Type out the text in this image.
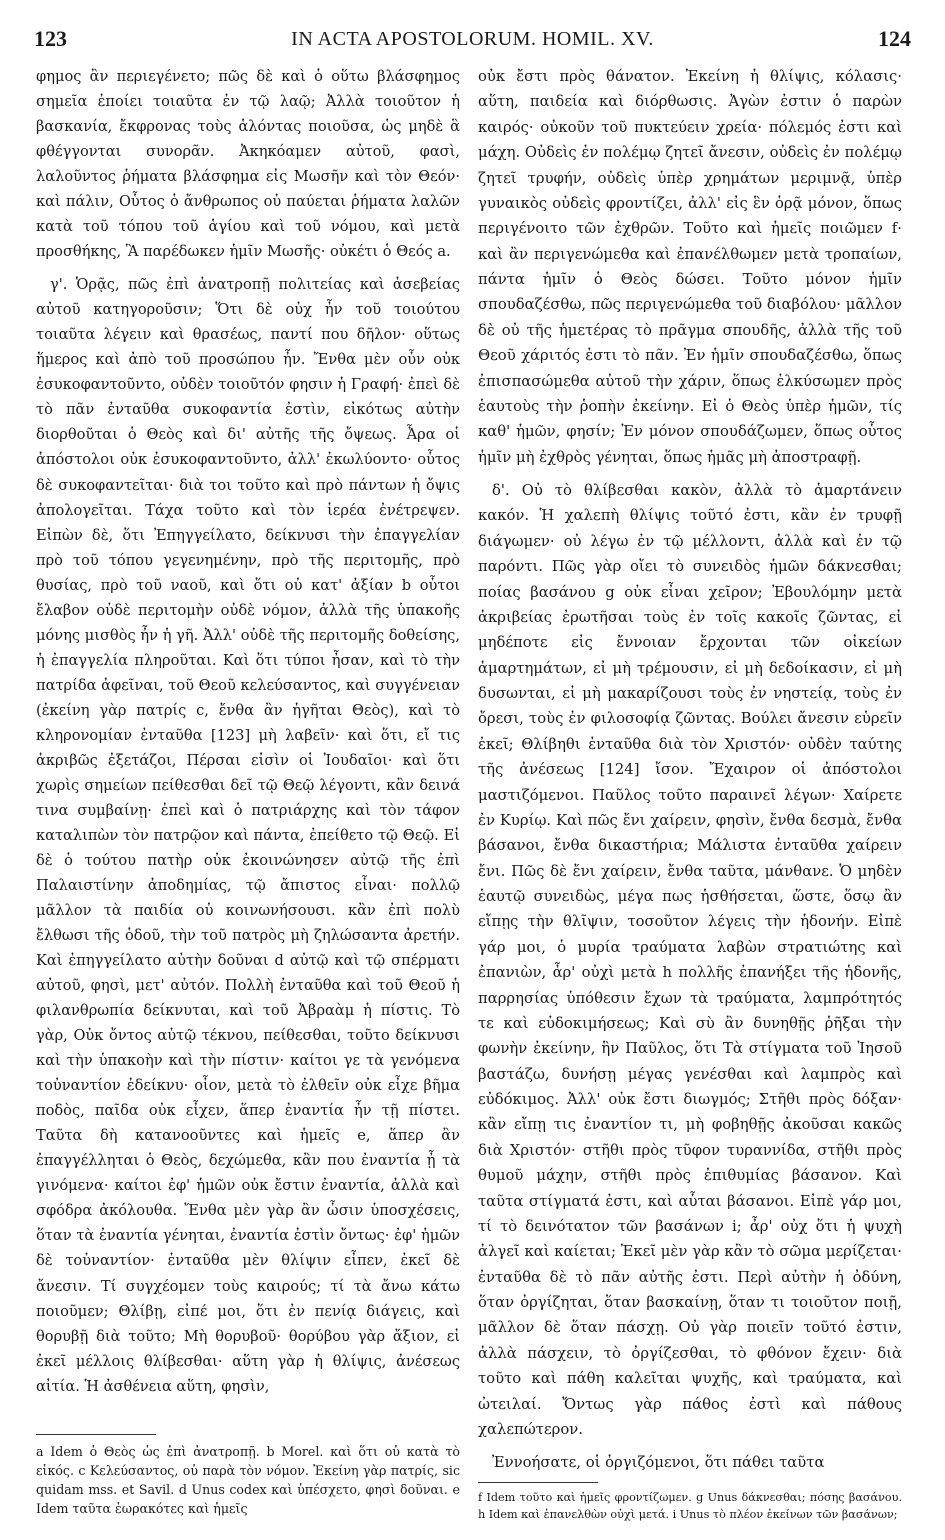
123	IN ACTA APOSTOLORUM. HOMIL. XV.	124

φημος ἂν περιεγένετο; πῶς δὲ καὶ ὁ οὕτω βλάσφημος σημεῖα ἐποίει τοιαῦτα ἐν τῷ λαῷ; Ἀλλὰ τοιοῦτον ἡ βασκανία, ἔκφρονας τοὺς ἁλόντας ποιοῦσα, ὡς μηδὲ ἃ φθέγγονται συνορᾶν. Ἀκηκόαμεν αὐτοῦ, φασὶ, λαλοῦντος ῥήματα βλάσφημα εἰς Μωσῆν καὶ τὸν Θεόν· καὶ πάλιν, Οὗτος ὁ ἄνθρωπος οὐ παύεται ῥήματα λαλῶν κατὰ τοῦ τόπου τοῦ ἁγίου καὶ τοῦ νόμου, καὶ μετὰ προσθήκης, Ἃ παρέδωκεν ἡμῖν Μωσῆς· οὐκέτι ὁ Θεός a.

γ'. Ὁρᾷς, πῶς ἐπὶ ἀνατροπῇ πολιτείας καὶ ἀσεβείας αὐτοῦ κατηγοροῦσιν; Ὅτι δὲ οὐχ ἦν τοῦ τοιούτου τοιαῦτα λέγειν καὶ θρασέως, παντί που δῆλον· οὕτως ἥμερος καὶ ἀπὸ τοῦ προσώπου ἦν. Ἔνθα μὲν οὖν οὐκ ἐσυκοφαντοῦντο, οὐδὲν τοιοῦτόν φησιν ἡ Γραφή· ἐπεὶ δὲ τὸ πᾶν ἐνταῦθα συκοφαντία ἐστὶν, εἰκότως αὐτὴν διορθοῦται ὁ Θεὸς καὶ δι' αὐτῆς τῆς ὄψεως. Ἆρα οἱ ἀπόστολοι οὐκ ἐσυκοφαντοῦντο, ἀλλ' ἐκωλύοντο· οὗτος δὲ συκοφαντεῖται· διὰ τοι τοῦτο καὶ πρὸ πάντων ἡ ὄψις ἀπολογεῖται. Τάχα τοῦτο καὶ τὸν ἱερέα ἐνέτρεψεν. Εἰπὼν δὲ, ὅτι Ἐπηγγείλατο, δείκνυσι τὴν ἐπαγγελίαν πρὸ τοῦ τόπου γεγενημένην, πρὸ τῆς περιτομῆς, πρὸ θυσίας, πρὸ τοῦ ναοῦ, καὶ ὅτι οὐ κατ' ἀξίαν b οὗτοι ἔλαβον οὐδὲ περιτομὴν οὐδὲ νόμον, ἀλλὰ τῆς ὑπακοῆς μόνης μισθὸς ἦν ἡ γῆ. Ἀλλ' οὐδὲ τῆς περιτομῆς δοθείσης, ἡ ἐπαγγελία πληροῦται. Καὶ ὅτι τύποι ἦσαν, καὶ τὸ τὴν πατρίδα ἀφεῖναι, τοῦ Θεοῦ κελεύσαντος, καὶ συγγένειαν (ἐκείνη γὰρ πατρίς c, ἔνθα ἂν ἡγῆται Θεὸς), καὶ τὸ κληρονομίαν ἐνταῦθα [123] μὴ λαβεῖν· καὶ ὅτι, εἴ τις ἀκριβῶς ἐξετάζοι, Πέρσαι εἰσὶν οἱ Ἰουδαῖοι· καὶ ὅτι χωρὶς σημείων πείθεσθαι δεῖ τῷ Θεῷ λέγοντι, κἂν δεινά τινα συμβαίνῃ· ἐπεὶ καὶ ὁ πατριάρχης καὶ τὸν τάφον καταλιπὼν τὸν πατρῷον καὶ πάντα, ἐπείθετο τῷ Θεῷ. Εἰ δὲ ὁ τούτου πατὴρ οὐκ ἐκοινώνησεν αὐτῷ τῆς ἐπὶ Παλαιστίνην ἀποδημίας, τῷ ἄπιστος εἶναι· πολλῷ μᾶλλον τὰ παιδία οὐ κοινωνήσουσι. κἂν ἐπὶ πολὺ ἔλθωσι τῆς ὁδοῦ, τὴν τοῦ πατρὸς μὴ ζηλώσαντα ἀρετήν. Καὶ ἐπηγγείλατο αὐτὴν δοῦναι d αὐτῷ καὶ τῷ σπέρματι αὐτοῦ, φησὶ, μετ' αὐτόν. Πολλὴ ἐνταῦθα καὶ τοῦ Θεοῦ ἡ φιλανθρωπία δείκνυται, καὶ τοῦ Ἀβραὰμ ἡ πίστις. Τὸ γὰρ, Οὐκ ὄντος αὐτῷ τέκνου, πείθεσθαι, τοῦτο δείκνυσι καὶ τὴν ὑπακοὴν καὶ τὴν πίστιν· καίτοι γε τὰ γενόμενα τοὐναντίον ἐδείκνυ· οἷον, μετὰ τὸ ἐλθεῖν οὐκ εἶχε βῆμα ποδὸς, παῖδα οὐκ εἶχεν, ἅπερ ἐναντία ἦν τῇ πίστει. Ταῦτα δὴ κατανοοῦντες καὶ ἡμεῖς e, ἅπερ ἂν ἐπαγγέλληται ὁ Θεὸς, δεχώμεθα, κἂν που ἐναντία ᾖ τὰ γινόμενα· καίτοι ἐφ' ἡμῶν οὐκ ἔστιν ἐναντία, ἀλλὰ καὶ σφόδρα ἀκόλουθα. Ἔνθα μὲν γὰρ ἂν ὦσιν ὑποσχέσεις, ὅταν τὰ ἐναντία γένηται, ἐναντία ἐστὶν ὄντως· ἐφ' ἡμῶν δὲ τοὐναντίον· ἐνταῦθα μὲν θλίψιν εἶπεν, ἐκεῖ δὲ ἄνεσιν. Τί συγχέομεν τοὺς καιρούς; τί τὰ ἄνω κάτω ποιοῦμεν; Θλίβῃ, εἰπέ μοι, ὅτι ἐν πενίᾳ διάγεις, καὶ θορυβῇ διὰ τοῦτο; Μὴ θορυβοῦ· θορύβου γὰρ ἄξιον, εἰ ἐκεῖ μέλλοις θλίβεσθαι· αὕτη γὰρ ἡ θλίψις, ἀνέσεως αἰτία. Ἡ ἀσθένεια αὕτη, φησὶν,

οὐκ ἔστι πρὸς θάνατον. Ἐκείνη ἡ θλίψις, κόλασις· αὕτη, παιδεία καὶ διόρθωσις. Ἀγὼν ἐστιν ὁ παρὼν καιρός· οὐκοῦν τοῦ πυκτεύειν χρεία· πόλεμός ἐστι καὶ μάχη. Οὐδεὶς ἐν πολέμῳ ζητεῖ ἄνεσιν, οὐδεὶς ἐν πολέμῳ ζητεῖ τρυφήν, οὐδεὶς ὑπὲρ χρημάτων μεριμνᾷ, ὑπὲρ γυναικὸς οὐδεὶς φροντίζει, ἀλλ' εἰς ἓν ὁρᾷ μόνον, ὅπως περιγένοιτο τῶν ἐχθρῶν. Τοῦτο καὶ ἡμεῖς ποιῶμεν f· καὶ ἂν περιγενώμεθα καὶ ἐπανέλθωμεν μετὰ τροπαίων, πάντα ἡμῖν ὁ Θεὸς δώσει. Τοῦτο μόνον ἡμῖν σπουδαζέσθω, πῶς περιγενώμεθα τοῦ διαβόλου· μᾶλλον δὲ οὐ τῆς ἡμετέρας τὸ πρᾶγμα σπουδῆς, ἀλλὰ τῆς τοῦ Θεοῦ χάριτός ἐστι τὸ πᾶν. Ἐν ἡμῖν σπουδαζέσθω, ὅπως ἐπισπασώμεθα αὐτοῦ τὴν χάριν, ὅπως ἑλκύσωμεν πρὸς ἑαυτοὺς τὴν ῥοπὴν ἐκείνην. Εἰ ὁ Θεὸς ὑπὲρ ἡμῶν, τίς καθ' ἡμῶν, φησίν; Ἐν μόνον σπουδάζωμεν, ὅπως οὗτος ἡμῖν μὴ ἐχθρὸς γένηται, ὅπως ἡμᾶς μὴ ἀποστραφῇ.

δ'. Οὐ τὸ θλίβεσθαι κακὸν, ἀλλὰ τὸ ἁμαρτάνειν κακόν. Ἡ χαλεπὴ θλίψις τοῦτό ἐστι, κἂν ἐν τρυφῇ διάγωμεν· οὐ λέγω ἐν τῷ μέλλοντι, ἀλλὰ καὶ ἐν τῷ παρόντι. Πῶς γὰρ οἴει τὸ συνειδὸς ἡμῶν δάκνεσθαι; ποίας βασάνου g οὐκ εἶναι χεῖρον; Ἐβουλόμην μετὰ ἀκριβείας ἐρωτῆσαι τοὺς ἐν τοῖς κακοῖς ζῶντας, εἰ μηδέποτε εἰς ἔννοιαν ἔρχονται τῶν οἰκείων ἁμαρτημάτων, εἰ μὴ τρέμουσιν, εἰ μὴ δεδοίκασιν, εἰ μὴ δυσωνται, εἰ μὴ μακαρίζουσι τοὺς ἐν νηστείᾳ, τοὺς ἐν ὄρεσι, τοὺς ἐν φιλοσοφίᾳ ζῶντας. Βούλει ἄνεσιν εὑρεῖν ἐκεῖ; Θλίβηθι ἐνταῦθα διὰ τὸν Χριστόν· οὐδὲν ταύτης τῆς ἀνέσεως [124] ἴσον. Ἔχαιρον οἱ ἀπόστολοι μαστιζόμενοι. Παῦλος τοῦτο παραινεῖ λέγων· Χαίρετε ἐν Κυρίῳ. Καὶ πῶς ἔνι χαίρειν, φησὶν, ἔνθα δεσμὰ, ἔνθα βάσανοι, ἔνθα δικαστήρια; Μάλιστα ἐνταῦθα χαίρειν ἔνι. Πῶς δὲ ἔνι χαίρειν, ἔνθα ταῦτα, μάνθανε. Ὁ μηδὲν ἑαυτῷ συνειδὼς, μέγα πως ἡσθήσεται, ὥστε, ὅσῳ ἂν εἴπῃς τὴν θλῖψιν, τοσοῦτον λέγεις τὴν ἡδονήν. Εἰπὲ γάρ μοι, ὁ μυρία τραύματα λαβὼν στρατιώτης καὶ ἐπανιὼν, ἆρ' οὐχὶ μετὰ h πολλῆς ἐπανήξει τῆς ἡδονῆς, παρρησίας ὑπόθεσιν ἔχων τὰ τραύματα, λαμπρότητός τε καὶ εὐδοκιμήσεως; Καὶ σὺ ἂν δυνηθῇς ῥῆξαι τὴν φωνὴν ἐκείνην, ἣν Παῦλος, ὅτι Τὰ στίγματα τοῦ Ἰησοῦ βαστάζω, δυνήσῃ μέγας γενέσθαι καὶ λαμπρὸς καὶ εὐδόκιμος. Ἀλλ' οὐκ ἔστι διωγμός; Στῆθι πρὸς δόξαν· κἂν εἴπῃ τις ἐναντίον τι, μὴ φοβηθῇς ἀκοῦσαι κακῶς διὰ Χριστόν· στῆθι πρὸς τῦφον τυραννίδα, στῆθι πρὸς θυμοῦ μάχην, στῆθι πρὸς ἐπιθυμίας βάσανον. Καὶ ταῦτα στίγματά ἐστι, καὶ αὗται βάσανοι. Εἰπὲ γάρ μοι, τί τὸ δεινότατον τῶν βασάνων i; ἆρ' οὐχ ὅτι ἡ ψυχὴ ἀλγεῖ καὶ καίεται; Ἐκεῖ μὲν γὰρ κἂν τὸ σῶμα μερίζεται· ἐνταῦθα δὲ τὸ πᾶν αὐτῆς ἐστι. Περὶ αὐτὴν ἡ ὀδύνη, ὅταν ὀργίζηται, ὅταν βασκαίνῃ, ὅταν τι τοιοῦτον ποιῇ, μᾶλλον δὲ ὅταν πάσχῃ. Οὐ γὰρ ποιεῖν τοῦτό ἐστιν, ἀλλὰ πάσχειν, τὸ ὀργίζεσθαι, τὸ φθόνον ἔχειν· διὰ τοῦτο καὶ πάθη καλεῖται ψυχῆς, καὶ τραύματα, καὶ ὠτειλαί. Ὄντως γὰρ πάθος ἐστὶ καὶ πάθους χαλεπώτερον.

Ἐννοήσατε, οἱ ὀργιζόμενοι, ὅτι πάθει ταῦτα

a Idem ὁ Θεὸς ὡς ἐπὶ ἀνατροπῇ. b Morel. καὶ ὅτι οὐ κατὰ τὸ εἰκός. c Κελεύσαντος, οὐ παρὰ τὸν νόμον. Ἐκείνη γὰρ πατρίς, sic quidam mss. et Savil. d Unus codex καὶ ὑπέσχετο, φησὶ δοῦναι. e Idem ταῦτα ἑωρακότες καὶ ἡμεῖς

f Idem τοῦτο καὶ ἡμεῖς φροντίζωμεν. g Unus δάκνεσθαι; πόσης βασάνου. h Idem καὶ ἐπανελθὼν οὐχὶ μετά. i Unus τὸ πλέον ἐκείνων τῶν βασάνων;
